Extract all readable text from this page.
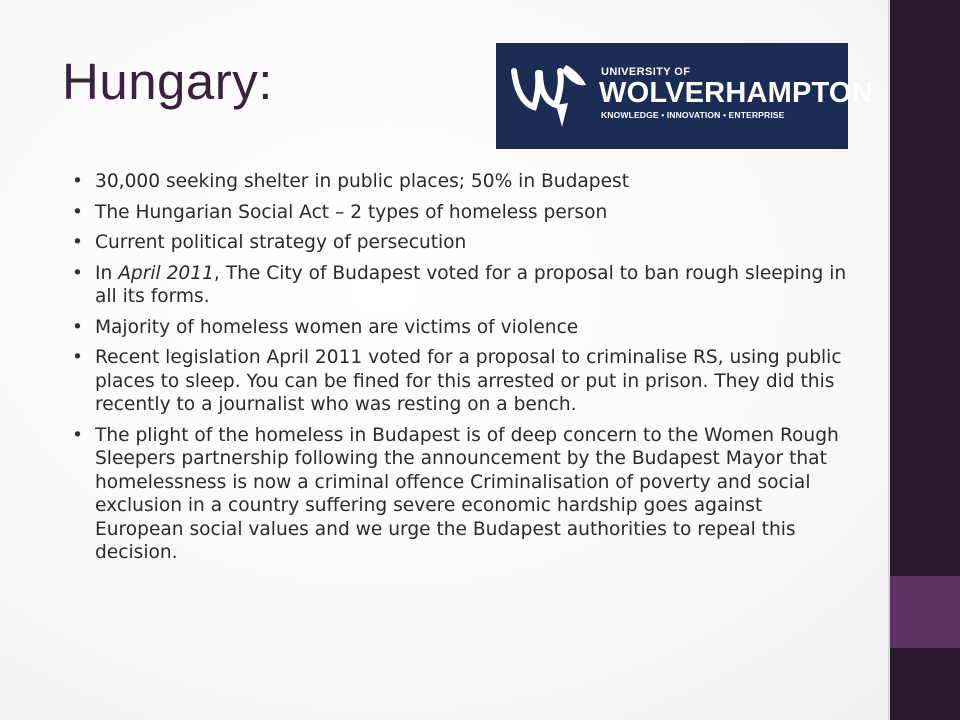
Hungary:	UNIVERSITY OF
WOLVERHAMPTON
KNOWLEDGE • INNOVATION • ENTERPRISE
• 30,000 seeking shelter in public places; 50% in Budapest
• The Hungarian Social Act – 2 types of homeless person
• Current political strategy of persecution
• In April 2011, The City of Budapest voted for a proposal to ban rough sleeping in all its forms.
• Majority of homeless women are victims of violence
• Recent legislation April 2011 voted for a proposal to criminalise RS, using public places to sleep. You can be fined for this arrested or put in prison. They did this recently to a journalist who was resting on a bench.
• The plight of the homeless in Budapest is of deep concern to the Women Rough Sleepers partnership following the announcement by the Budapest Mayor that homelessness is now a criminal offence Criminalisation of poverty and social exclusion in a country suffering severe economic hardship goes against European social values and we urge the Budapest authorities to repeal this decision.
